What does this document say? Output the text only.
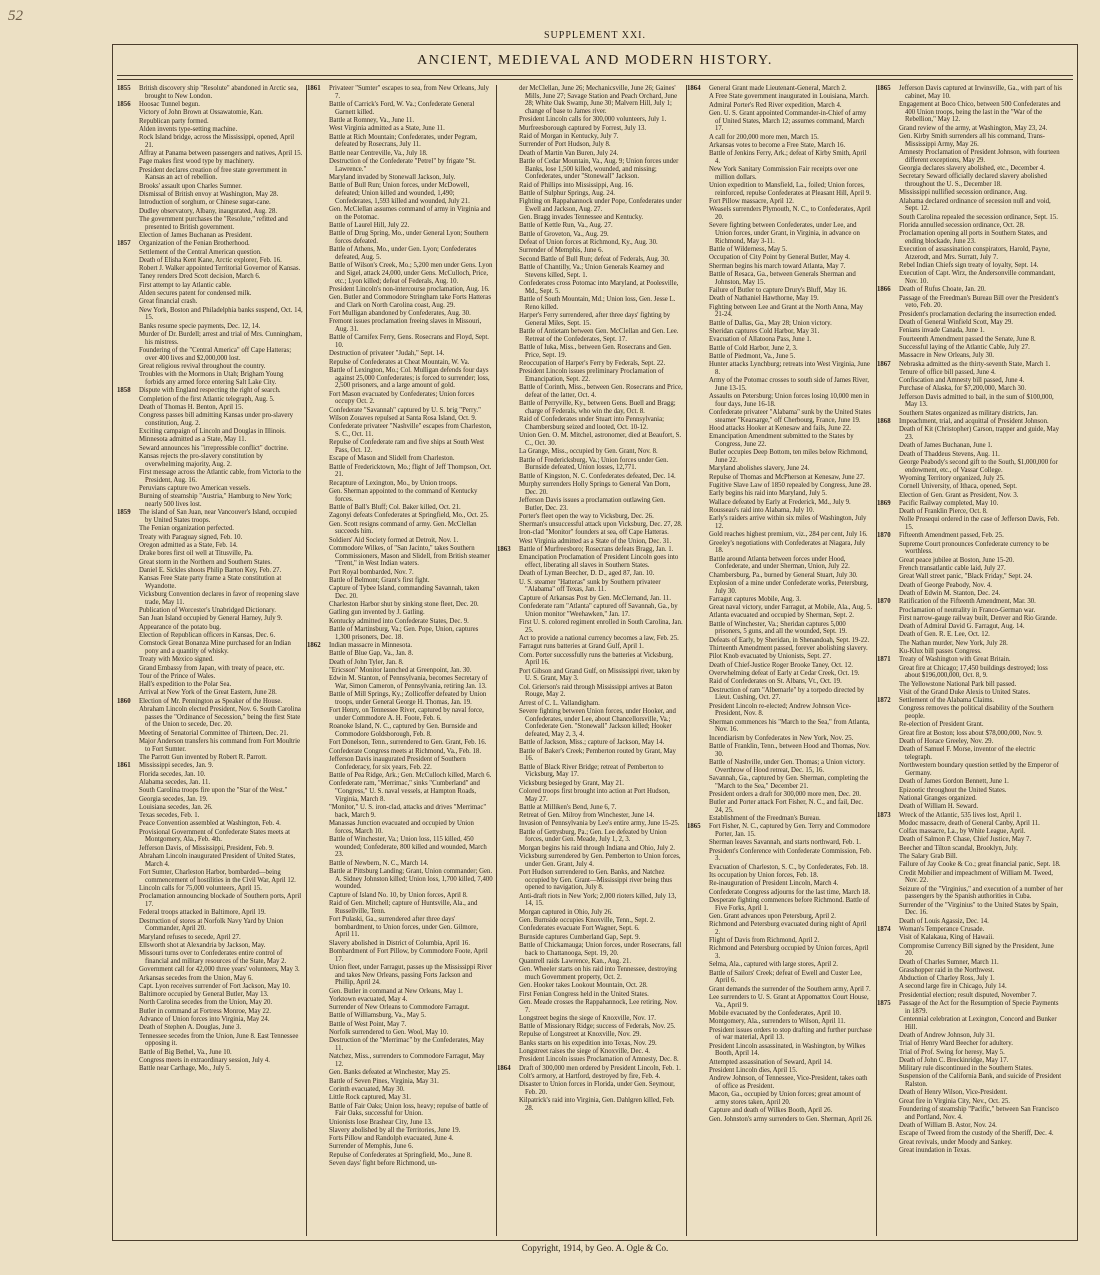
52
SUPPLEMENT XXI.
ANCIENT, MEDIEVAL AND MODERN HISTORY.
1855	British discovery ship "Resolute" abandoned in Arctic sea, brought to New London.
1856	Hoosac Tunnel begun.
Victory of John Brown at Ossawatomie, Kan.
Republican party formed.
Alden invents type-setting machine.
Rock Island bridge, across the Mississippi, opened, April 21.
Affray at Panama between passengers and natives, April 15.
Page makes first wood type by machinery.
President declares creation of free state government in Kansas an act of rebellion.
Brooks' assault upon Charles Sumner.
Dismissal of British envoy at Washington, May 28.
Introduction of sorghum, or Chinese sugar-cane.
Dudley observatory, Albany, inaugurated, Aug. 28.
The government purchases the "Resolute," refitted and presented to British government.
Election of James Buchanan as President.
1857	Organization of the Fenian Brotherhood.
Settlement of the Central American question.
Death of Elisha Kent Kane, Arctic explorer, Feb. 16.
Robert J. Walker appointed Territorial Governor of Kansas.
Taney renders Dred Scott decision, March 6.
First attempt to lay Atlantic cable.
Alden secures patent for condensed milk.
Great financial crash.
New York, Boston and Philadelphia banks suspend, Oct. 14, 15.
Banks resume specie payments, Dec. 12, 14.
Murder of Dr. Burdell; arrest and trial of Mrs. Cunningham, his mistress.
Foundering of the "Central America" off Cape Hatteras; over 400 lives and $2,000,000 lost.
Great religious revival throughout the country.
Troubles with the Mormons in Utah; Brigham Young forbids any armed force entering Salt Lake City.
1858	Dispute with England respecting the right of search.
Completion of the first Atlantic telegraph, Aug. 5.
Death of Thomas H. Benton, April 15.
Congress passes bill admitting Kansas under pro-slavery constitution, Aug. 2.
Exciting campaign of Lincoln and Douglas in Illinois.
Minnesota admitted as a State, May 11.
Seward announces his "irrepressible conflict" doctrine.
Kansas rejects the pro-slavery constitution by overwhelming majority, Aug. 2.
First message across the Atlantic cable, from Victoria to the President, Aug. 16.
Peruvians capture two American vessels.
Burning of steamship "Austria," Hamburg to New York; nearly 500 lives lost.
1859	The island of San Juan, near Vancouver's Island, occupied by United States troops.
The Fenian organization perfected.
Treaty with Paraguay signed, Feb. 10.
Oregon admitted as a State, Feb. 14.
Drake bores first oil well at Titusville, Pa.
Great storm in the Northern and Southern States.
Daniel E. Sickles shoots Philip Barton Key, Feb. 27.
Kansas Free State party frame a State constitution at Wyandotte.
Vicksburg Convention declares in favor of reopening slave trade, May 11.
Publication of Worcester's Unabridged Dictionary.
San Juan Island occupied by General Harney, July 9.
Appearance of the potato bug.
Election of Republican officers in Kansas, Dec. 6.
Comstock Great Bonanza Mine purchased for an Indian pony and a quantity of whisky.
Treaty with Mexico signed.
Grand Embassy from Japan, with treaty of peace, etc.
Tour of the Prince of Wales.
Hall's expedition to the Polar Sea.
Arrival at New York of the Great Eastern, June 28.
1860	Election of Mr. Pennington as Speaker of the House.
Abraham Lincoln elected President, Nov. 6. South Carolina passes the "Ordinance of Secession," being the first State of the Union to secede, Dec. 20.
Meeting of Senatorial Committee of Thirteen, Dec. 21.
Major Anderson transfers his command from Fort Moultrie to Fort Sumter.
The Parrott Gun invented by Robert R. Parrott.
1861	Mississippi secedes, Jan. 9.
Florida secedes, Jan. 10.
Alabama secedes, Jan. 11.
South Carolina troops fire upon the "Star of the West."
Georgia secedes, Jan. 19.
Louisiana secedes, Jan. 26.
Texas secedes, Feb. 1.
Peace Convention assembled at Washington, Feb. 4.
Provisional Government of Confederate States meets at Montgomery, Ala., Feb. 4th.
Jefferson Davis, of Mississippi, President, Feb. 9.
Abraham Lincoln inaugurated President of United States, March 4.
Fort Sumter, Charleston Harbor, bombarded—being commencement of hostilities in the Civil War, April 12.
Lincoln calls for 75,000 volunteers, April 15.
Proclamation announcing blockade of Southern ports, April 17.
Federal troops attacked in Baltimore, April 19.
Destruction of stores at Norfolk Navy Yard by Union Commander, April 20.
Maryland refuses to secede, April 27.
Ellsworth shot at Alexandria by Jackson, May.
Missouri turns over to Confederates entire control of financial and military resources of the State, May 2.
Government call for 42,000 three years' volunteers, May 3.
Arkansas secedes from the Union, May 6.
Capt. Lyon receives surrender of Fort Jackson, May 10.
Baltimore occupied by General Butler, May 13.
North Carolina secedes from the Union, May 20.
Butler in command at Fortress Monroe, May 22.
Advance of Union forces into Virginia, May 24.
Death of Stephen A. Douglas, June 3.
Tennessee secedes from the Union, June 8. East Tennessee opposing it.
Battle of Big Bethel, Va., June 10.
Congress meets in extraordinary session, July 4.
Battle near Carthage, Mo., July 5.
1861	Privateer "Sumter" escapes to sea, from New Orleans, July 7.
Battle of Carrick's Ford, W. Va.; Confederate General Garnett killed.
Battle at Romney, Va., June 11.
West Virginia admitted as a State, June 11.
Battle at Rich Mountain; Confederates, under Pegram, defeated by Rosecrans, July 11.
Battle near Centreville, Va., July 18.
Destruction of the Confederate "Petrel" by frigate "St. Lawrence."
Maryland invaded by Stonewall Jackson, July.
Battle of Bull Run; Union forces, under McDowell, defeated; Union killed and wounded, 1,490; Confederates, 1,593 killed and wounded, July 21.
Gen. McClellan assumes command of army in Virginia and on the Potomac.
Battle of Laurel Hill, July 22.
Battle of Drug Spring, Mo., under General Lyon; Southern forces defeated.
Battle of Athens, Mo., under Gen. Lyon; Confederates defeated, Aug. 5.
Battle of Wilson's Creek, Mo.; 5,200 men under Gens. Lyon and Sigel, attack 24,000, under Gens. McCulloch, Price, etc.; Lyon killed; defeat of Federals, Aug. 10.
President Lincoln's non-intercourse proclamation, Aug. 16.
Gen. Butler and Commodore Stringham take Forts Hatteras and Clark on North Carolina coast, Aug. 29.
Fort Mulligan abandoned by Confederates, Aug. 30.
Fremont issues proclamation freeing slaves in Missouri, Aug. 31.
Battle of Carnifex Ferry, Gens. Rosecrans and Floyd, Sept. 10.
Destruction of privateer "Judah," Sept. 14.
Repulse of Confederates at Cheat Mountain, W. Va.
Battle of Lexington, Mo.; Col. Mulligan defends four days against 25,000 Confederates; is forced to surrender; loss, 2,500 prisoners, and a large amount of gold.
Fort Mason evacuated by Confederates; Union forces occupy Oct. 2.
Confederate "Savannah" captured by U. S. brig "Perry."
Wilson Zouaves repulsed at Santa Rosa Island, Oct. 9.
Confederate privateer "Nashville" escapes from Charleston, S. C., Oct. 11.
Repulse of Confederate ram and five ships at South West Pass, Oct. 12.
Escape of Mason and Slidell from Charleston.
Battle of Fredericktown, Mo.; flight of Jeff Thompson, Oct. 21.
Recapture of Lexington, Mo., by Union troops.
Gen. Sherman appointed to the command of Kentucky forces.
Battle of Ball's Bluff; Col. Baker killed, Oct. 21.
Zagonyi defeats Confederates at Springfield, Mo., Oct. 25.
Gen. Scott resigns command of army. Gen. McClellan succeeds him.
Soldiers' Aid Society formed at Detroit, Nov. 1.
Commodore Wilkes, of "San Jacinto," takes Southern Commissioners, Mason and Slidell, from British steamer "Trent," in West Indian waters.
Port Royal bombarded, Nov. 7.
Battle of Belmont; Grant's first fight.
Capture of Tybee Island, commanding Savannah, taken Dec. 20.
Charleston Harbor shut by sinking stone fleet, Dec. 20.
Gatling gun invented by J. Gatling.
Kentucky admitted into Confederate States, Dec. 9.
Battle of Martinsburg, Va.; Gen. Pope, Union, captures 1,300 prisoners, Dec. 18.
1862	Indian massacre in Minnesota.
Battle of Blue Gap, Va., Jan. 8.
Death of John Tyler, Jan. 8.
"Ericsson" Monitor launched at Greenpoint, Jan. 30.
Edwin M. Stanton, of Pennsylvania, becomes Secretary of War, Simon Cameron, of Pennsylvania, retiring Jan. 13.
Battle of Mill Springs, Ky.; Zollicoffer defeated by Union troops, under General George H. Thomas, Jan. 19.
Fort Henry, on Tennessee River, captured by naval force, under Commodore A. H. Foote, Feb. 6.
Roanoke Island, N. C., captured by Gen. Burnside and Commodore Goldsborough, Feb. 8.
Fort Donelson, Tenn., surrendered to Gen. Grant, Feb. 16.
Confederate Congress meets at Richmond, Va., Feb. 18.
Jefferson Davis inaugurated President of Southern Confederacy, for six years, Feb. 22.
Battle of Pea Ridge, Ark.; Gen. McCulloch killed, March 6.
Confederate ram, "Merrimac," sinks "Cumberland" and "Congress," U. S. naval vessels, at Hampton Roads, Virginia, March 8.
"Monitor," U. S. iron-clad, attacks and drives "Merrimac" back, March 9.
Manassas Junction evacuated and occupied by Union forces, March 10.
Battle of Winchester, Va.; Union loss, 115 killed, 450 wounded; Confederate, 800 killed and wounded, March 23.
Battle of Newbern, N. C., March 14.
Battle at Pittsburg Landing; Grant, Union commander; Gen. A. Sidney Johnston killed; Union loss, 1,700 killed, 7,400 wounded.
Capture of Island No. 10, by Union forces, April 8.
Raid of Gen. Mitchell; capture of Huntsville, Ala., and Russellville, Tenn.
Fort Pulaski, Ga., surrendered after three days' bombardment, to Union forces, under Gen. Gilmore, April 11.
Slavery abolished in District of Columbia, April 16.
Bombardment of Fort Pillow, by Commodore Foote, April 17.
Union fleet, under Farragut, passes up the Mississippi River and takes New Orleans, passing Forts Jackson and Phillip, April 24.
Gen. Butler in command at New Orleans, May 1.
Yorktown evacuated, May 4.
Surrender of New Orleans to Commodore Farragut.
Battle of Williamsburg, Va., May 5.
Battle of West Point, May 7.
Norfolk surrendered to Gen. Wool, May 10.
Destruction of the "Merrimac" by the Confederates, May 11.
Natchez, Miss., surrenders to Commodore Farragut, May 12.
Gen. Banks defeated at Winchester, May 25.
Battle of Seven Pines, Virginia, May 31.
Corinth evacuated, May 30.
Little Rock captured, May 31.
Battle of Fair Oaks; Union loss, heavy; repulse of battle of Fair Oaks, successful for Union.
Unionists lose Brashear City, June 13.
Slavery abolished by all the Territories, June 19.
Forts Pillow and Randolph evacuated, June 4.
Surrender of Memphis, June 6.
Repulse of Confederates at Springfield, Mo., June 8.
Seven days' fight before Richmond, un-
der McClellan, June 26; Mechanicsville, June 26; Gaines' Mills, June 27; Savage Station and Peach Orchard, June 28; White Oak Swamp, June 30; Malvern Hill, July 1; change of base to James river.
President Lincoln calls for 300,000 volunteers, July 1.
Murfreesborough captured by Forrest, July 13.
Raid of Morgan in Kentucky, July 7.
Surrender of Port Hudson, July 8.
Death of Martin Van Buren, July 24.
Battle of Cedar Mountain, Va., Aug. 9; Union forces under Banks, lose 1,500 killed, wounded, and missing; Confederates, under "Stonewall" Jackson.
Raid of Phillips into Mississippi, Aug. 16.
Battle of Sulphur Springs, Aug. 24.
Fighting on Rappahannock under Pope, Confederates under Ewell and Jackson, Aug. 27.
Gen. Bragg invades Tennessee and Kentucky.
Battle of Kettle Run, Va., Aug. 27.
Battle of Groveton, Va., Aug. 29.
Defeat of Union forces at Richmond, Ky., Aug. 30.
Surrender of Memphis, June 6.
Second Battle of Bull Run; defeat of Federals, Aug. 30.
Battle of Chantilly, Va.; Union Generals Kearney and Stevens killed, Sept. 1.
Confederates cross Potomac into Maryland, at Poolesville, Md., Sept. 5.
Battle of South Mountain, Md.; Union loss, Gen. Jesse L. Reno killed.
Harper's Ferry surrendered, after three days' fighting by General Miles, Sept. 15.
Battle of Antietam between Gen. McClellan and Gen. Lee. Retreat of the Confederates, Sept. 17.
Battle of Iuka, Miss., between Gen. Rosecrans and Gen. Price, Sept. 19.
Reoccupation of Harper's Ferry by Federals, Sept. 22.
President Lincoln issues preliminary Proclamation of Emancipation, Sept. 22.
Battle of Corinth, Miss., between Gen. Rosecrans and Price, defeat of the latter, Oct. 4.
Battle of Perryville, Ky., between Gens. Buell and Bragg; charge of Federals, who win the day, Oct. 8.
Raid of Confederates under Stuart into Pennsylvania; Chambersburg seized and looted, Oct. 10-12.
Union Gen. O. M. Mitchel, astronomer, died at Beaufort, S. C., Oct. 30.
La Grange, Miss., occupied by Gen. Grant, Nov. 8.
Battle of Fredericksburg, Va.; Union forces under Gen. Burnside defeated, Union losses, 12,771.
Battle of Kingston, N. C. Confederates defeated, Dec. 14.
Murphy surrenders Holly Springs to General Van Dorn, Dec. 20.
Jefferson Davis issues a proclamation outlawing Gen. Butler, Dec. 23.
Porter's fleet open the way to Vicksburg, Dec. 26.
Sherman's unsuccessful attack upon Vicksburg, Dec. 27, 28.
Iron-clad "Monitor" founders at sea, off Cape Hatteras.
West Virginia admitted as a State of the Union, Dec. 31.
1863	Battle of Murfreesboro; Rosecrans defeats Bragg, Jan. 1.
Emancipation Proclamation of President Lincoln goes into effect, liberating all slaves in Southern States.
Death of Lyman Beecher, D. D., aged 87, Jan. 10.
U. S. steamer "Hatteras" sunk by Southern privateer "Alabama" off Texas, Jan. 11.
Capture of Arkansas Post by Gen. McClernand, Jan. 11.
Confederate ram "Atlanta" captured off Savannah, Ga., by Union monitor "Weehawken," Jan. 17.
First U. S. colored regiment enrolled in South Carolina, Jan. 25.
Act to provide a national currency becomes a law, Feb. 25.
Farragut runs batteries at Grand Gulf, April 1.
Com. Porter successfully runs the batteries at Vicksburg, April 16.
Port Gibson and Grand Gulf, on Mississippi river, taken by U. S. Grant, May 3.
Col. Grierson's raid through Mississippi arrives at Baton Rouge, May 2.
Arrest of C. L. Vallandigham.
Severe fighting between Union forces, under Hooker, and Confederates, under Lee, about Chancellorsville, Va.; Confederate Gen. "Stonewall" Jackson killed; Hooker defeated, May 2, 3, 4.
Battle of Jackson, Miss.; capture of Jackson, May 14.
Battle of Baker's Creek; Pemberton routed by Grant, May 16.
Battle of Black River Bridge; retreat of Pemberton to Vicksburg, May 17.
Vicksburg besieged by Grant, May 21.
Colored troops first brought into action at Port Hudson, May 27.
Battle at Milliken's Bend, June 6, 7.
Retreat of Gen. Milroy from Winchester, June 14.
Invasion of Pennsylvania by Lee's entire army, June 15-25.
Battle of Gettysburg, Pa.; Gen. Lee defeated by Union forces, under Gen. Meade, July 1, 2, 3.
Morgan begins his raid through Indiana and Ohio, July 2.
Vicksburg surrendered by Gen. Pemberton to Union forces, under Gen. Grant, July 4.
Port Hudson surrendered to Gen. Banks, and Natchez occupied by Gen. Grant—Mississippi river being thus opened to navigation, July 8.
Anti-draft riots in New York; 2,000 rioters killed, July 13, 14, 15.
Morgan captured in Ohio, July 26.
Gen. Burnside occupies Knoxville, Tenn., Sept. 2.
Confederates evacuate Fort Wagner, Sept. 6.
Burnside captures Cumberland Gap, Sept. 9.
Battle of Chickamauga; Union forces, under Rosecrans, fall back to Chattanooga, Sept. 19, 20.
Quantrell raids Lawrence, Kan., Aug. 21.
Gen. Wheeler starts on his raid into Tennessee, destroying much Government property, Oct. 2.
Gen. Hooker takes Lookout Mountain, Oct. 28.
First Fenian Congress held in the United States.
Gen. Meade crosses the Rappahannock, Lee retiring, Nov. 7.
Longstreet begins the siege of Knoxville, Nov. 17.
Battle of Missionary Ridge; success of Federals, Nov. 25.
Repulse of Longstreet at Knoxville, Nov. 29.
Banks starts on his expedition into Texas, Nov. 29.
Longstreet raises the siege of Knoxville, Dec. 4.
President Lincoln issues Proclamation of Amnesty, Dec. 8.
1864	Draft of 300,000 men ordered by President Lincoln, Feb. 1.
Colt's armory, at Hartford, destroyed by fire, Feb. 4.
Disaster to Union forces in Florida, under Gen. Seymour, Feb. 20.
Kilpatrick's raid into Virginia, Gen. Dahlgren killed, Feb. 28.
1864	General Grant made Lieutenant-General, March 2.
A Free State government inaugurated in Louisiana, March.
Admiral Porter's Red River expedition, March 4.
Gen. U. S. Grant appointed Commander-in-Chief of army of United States, March 12; assumes command, March 17.
A call for 200,000 more men, March 15.
Arkansas votes to become a Free State, March 16.
Battle of Jenkins Ferry, Ark.; defeat of Kirby Smith, April 4.
New York Sanitary Commission Fair receipts over one million dollars.
Union expedition to Mansfield, La., foiled; Union forces, reinforced, repulse Confederates at Pleasant Hill, April 9.
Fort Pillow massacre, April 12.
Weasels surrenders Plymouth, N. C., to Confederates, April 20.
Severe fighting between Confederates, under Lee, and Union forces, under Grant, in Virginia, in advance on Richmond, May 3-11.
Battle of Wilderness, May 5.
Occupation of City Point by General Butler, May 4.
Sherman begins his march toward Atlanta, May 7.
Battle of Resaca, Ga., between Generals Sherman and Johnston, May 15.
Failure of Butler to capture Drury's Bluff, May 16.
Death of Nathaniel Hawthorne, May 19.
Fighting between Lee and Grant at the North Anna, May 21-24.
Battle of Dallas, Ga., May 28; Union victory.
Sheridan captures Cold Harbor, May 31.
Evacuation of Allatoona Pass, June 1.
Battle of Cold Harbor, June 2, 3.
Battle of Piedmont, Va., June 5.
Hunter attacks Lynchburg; retreats into West Virginia, June 8.
Army of the Potomac crosses to south side of James River, June 13-15.
Assaults on Petersburg; Union forces losing 10,000 men in four days, June 16-18.
Confederate privateer "Alabama" sunk by the United States steamer "Kearsarge," off Cherbourg, France, June 19.
Hood attacks Hooker at Kenesaw and fails, June 22.
Emancipation Amendment submitted to the States by Congress, June 22.
Butler occupies Deep Bottom, ten miles below Richmond, June 22.
Maryland abolishes slavery, June 24.
Repulse of Thomas and McPherson at Kenesaw, June 27.
Fugitive Slave Law of 1850 repealed by Congress, June 28.
Early begins his raid into Maryland, July 5.
Wallace defeated by Early at Frederick, Md., July 9.
Rousseau's raid into Alabama, July 10.
Early's raiders arrive within six miles of Washington, July 12.
Gold reaches highest premium, viz., 284 per cent, July 16.
Greeley's negotiations with Confederates at Niagara, July 18.
Battle around Atlanta between forces under Hood, Confederate, and under Sherman, Union, July 22.
Chambersburg, Pa., burned by General Stuart, July 30.
Explosion of a mine under Confederate works, Petersburg, July 30.
Farragut captures Mobile, Aug. 3.
Great naval victory, under Farragut, at Mobile, Ala., Aug. 5.
Atlanta evacuated and occupied by Sherman, Sept. 2.
Battle of Winchester, Va.; Sheridan captures 5,000 prisoners, 5 guns, and all the wounded, Sept. 19.
Defeats of Early, by Sheridan, in Shenandoah, Sept. 19-22.
Thirteenth Amendment passed, forever abolishing slavery.
Pilot Knob evacuated by Unionists, Sept. 27.
Death of Chief-Justice Roger Brooke Taney, Oct. 12.
Overwhelming defeat of Early at Cedar Creek, Oct. 19.
Raid of Confederates on St. Albans, Vt., Oct. 19.
Destruction of ram "Albemarle" by a torpedo directed by Lieut. Cushing, Oct. 27.
President Lincoln re-elected; Andrew Johnson Vice-President, Nov. 8.
Sherman commences his "March to the Sea," from Atlanta, Nov. 16.
Incendiarism by Confederates in New York, Nov. 25.
Battle of Franklin, Tenn., between Hood and Thomas, Nov. 30.
Battle of Nashville, under Gen. Thomas; a Union victory. Overthrow of Hood retreat, Dec. 15, 16.
Savannah, Ga., captured by Gen. Sherman, completing the "March to the Sea," December 21.
President orders a draft for 300,000 more men, Dec. 20.
Butler and Porter attack Fort Fisher, N. C., and fail, Dec. 24, 25.
Establishment of the Freedman's Bureau.
1865	Fort Fisher, N. C., captured by Gen. Terry and Commodore Porter, Jan. 15.
Sherman leaves Savannah, and starts northward, Feb. 1.
President's Conference with Confederate Commission, Feb. 3.
Evacuation of Charleston, S. C., by Confederates, Feb. 18.
Its occupation by Union forces, Feb. 18.
Re-inauguration of President Lincoln, March 4.
Confederate Congress adjourns for the last time, March 18.
Desperate fighting commences before Richmond. Battle of Five Forks, April 1.
Gen. Grant advances upon Petersburg, April 2.
Richmond and Petersburg evacuated during night of April 2.
Flight of Davis from Richmond, April 2.
Richmond and Petersburg occupied by Union forces, April 3.
Selma, Ala., captured with large stores, April 2.
Battle of Sailors' Creek; defeat of Ewell and Custer Lee, April 6.
Grant demands the surrender of the Southern army, April 7.
Lee surrenders to U. S. Grant at Appomattox Court House, Va., April 9.
Mobile evacuated by the Confederates, April 10.
Montgomery, Ala., surrenders to Wilson, April 11.
President issues orders to stop drafting and further purchase of war material, April 13.
President Lincoln assassinated, in Washington, by Wilkes Booth, April 14.
Attempted assassination of Seward, April 14.
President Lincoln dies, April 15.
Andrew Johnson, of Tennessee, Vice-President, takes oath of office as President.
Macon, Ga., occupied by Union forces; great amount of army stores taken, April 20.
Capture and death of Wilkes Booth, April 26.
Gen. Johnston's army surrenders to Gen. Sherman, April 26.
1865	Jefferson Davis captured at Irwinsville, Ga., with part of his cabinet, May 10.
Engagement at Boco Chico, between 500 Confederates and 400 Union troops, being the last in the "War of the Rebellion," May 12.
Grand review of the army, at Washington, May 23, 24.
Gen. Kirby Smith surrenders all his command, Trans-Mississippi Army, May 26.
Amnesty Proclamation of President Johnson, with fourteen different exceptions, May 29.
Georgia declares slavery abolished, etc., December 4.
Secretary Seward officially declared slavery abolished throughout the U. S., December 18.
Mississippi nullified secession ordinance, Aug.
Alabama declared ordinance of secession null and void, Sept. 12.
South Carolina repealed the secession ordinance, Sept. 15.
Florida annulled secession ordinance, Oct. 28.
Proclamation opening all ports in Southern States, and ending blockade, June 23.
Execution of assassination conspirators, Harold, Payne, Atzerodt, and Mrs. Surratt, July 7.
Rebel Indian Chiefs sign treaty of loyalty, Sept. 14.
Execution of Capt. Wirz, the Andersonville commandant, Nov. 10.
1866	Death of Rufus Choate, Jan. 20.
Passage of the Freedman's Bureau Bill over the President's veto, Feb. 20.
President's proclamation declaring the insurrection ended.
Death of General Winfield Scott, May 29.
Fenians invade Canada, June 1.
Fourteenth Amendment passed the Senate, June 8.
Successful laying of the Atlantic Cable, July 27.
Massacre in New Orleans, July 30.
1867	Nebraska admitted as the thirty-seventh State, March 1.
Tenure of office bill passed, June 4.
Confiscation and Amnesty bill passed, June 4.
Purchase of Alaska, for $7,200,000, March 30.
Jefferson Davis admitted to bail, in the sum of $100,000, May 13.
Southern States organized as military districts, Jan.
1868	Impeachment, trial, and acquittal of President Johnson.
Death of Kit (Christopher) Carson, trapper and guide, May 23.
Death of James Buchanan, June 1.
Death of Thaddeus Stevens, Aug. 11.
George Peabody's second gift to the South, $1,000,000 for endowment, etc., of Vassar College.
Wyoming Territory organized, July 25.
Cornell University, of Ithaca, opened, Sept.
Election of Gen. Grant as President, Nov. 3.
1869	Pacific Railway completed, May 10.
Death of Franklin Pierce, Oct. 8.
Nolle Prosequi ordered in the case of Jefferson Davis, Feb. 15.
1870	Fifteenth Amendment passed, Feb. 25.
Supreme Court pronounces Confederate currency to be worthless.
Great peace jubilee at Boston, June 15-20.
French transatlantic cable laid, July 27.
Great Wall street panic, "Black Friday," Sept. 24.
Death of George Peabody, Nov. 4.
Death of Edwin M. Stanton, Dec. 24.
1870	Ratification of the Fifteenth Amendment, Mar. 30.
Proclamation of neutrality in Franco-German war.
First narrow-gauge railway built, Denver and Rio Grande.
Death of Admiral David G. Farragut, Aug. 14.
Death of Gen. R. E. Lee, Oct. 12.
The Nathan murder, New York, July 28.
Ku-Klux bill passes Congress.
1871	Treaty of Washington with Great Britain.
Great fire at Chicago; 17,450 buildings destroyed; loss about $196,000,000, Oct. 8, 9.
The Yellowstone National Park bill passed.
Visit of the Grand Duke Alexis to United States.
1872	Settlement of the Alabama Claims.
Congress removes the political disability of the Southern people.
Re-election of President Grant.
Great fire at Boston; loss about $78,000,000, Nov. 9.
Death of Horace Greeley, Nov. 29.
Death of Samuel F. Morse, inventor of the electric telegraph.
Northwestern boundary question settled by the Emperor of Germany.
Death of James Gordon Bennett, June 1.
Epizootic throughout the United States.
National Granges organized.
Death of William H. Seward.
1873	Wreck of the Atlantic, 535 lives lost, April 1.
Modoc massacre, death of General Canby, April 11.
Colfax massacre, La., by White League, April.
Death of Salmon P. Chase, Chief Justice, May 7.
Beecher and Tilton scandal, Brooklyn, July.
The Salary Grab Bill.
Failure of Jay Cooke & Co.; great financial panic, Sept. 18.
Credit Mobilier and impeachment of William M. Tweed, Nov. 22.
Seizure of the "Virginius," and execution of a number of her passengers by the Spanish authorities in Cuba.
Surrender of the "Virginius" to the United States by Spain, Dec. 16.
Death of Louis Agassiz, Dec. 14.
1874	Woman's Temperance Crusade.
Visit of Kalakaua, King of Hawaii.
Compromise Currency Bill signed by the President, June 20.
Death of Charles Sumner, March 11.
Grasshopper raid in the Northwest.
Abduction of Charley Ross, July 1.
A second large fire in Chicago, July 14.
Presidential election; result disputed, November 7.
1875	Passage of the Act for the Resumption of Specie Payments in 1879.
Centennial celebration at Lexington, Concord and Bunker Hill.
Death of Andrew Johnson, July 31.
Trial of Henry Ward Beecher for adultery.
Trial of Prof. Swing for heresy, May 5.
Death of John C. Breckinridge, May 17.
Military rule discontinued in the Southern States.
Suspension of the California Bank, and suicide of President Ralston.
Death of Henry Wilson, Vice-President.
Great fire in Virginia City, Nev., Oct. 25.
Foundering of steamship "Pacific," between San Francisco and Portland, Nov. 4.
Death of William B. Astor, Nov. 24.
Escape of Tweed from the custody of the Sheriff, Dec. 4.
Great revivals, under Moody and Sankey.
Great inundation in Texas.
Copyright, 1914, by Geo. A. Ogle & Co.
